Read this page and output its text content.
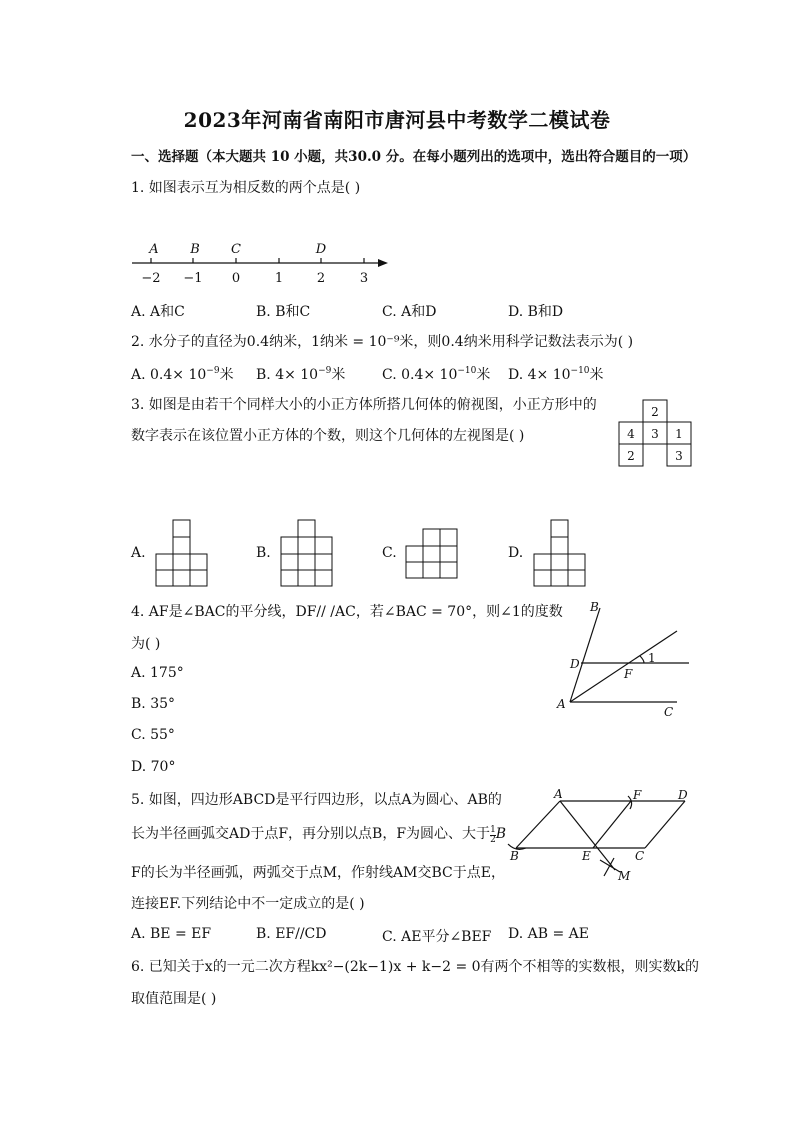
2023年河南省南阳市唐河县中考数学二模试卷
一、选择题（本大题共 10 小题，共30.0 分。在每小题列出的选项中，选出符合题目的一项）
1. 如图表示互为相反数的两个点是( )
A B C	D
−2 −1 0	1	2	3
A. A和C	B. B和C	C. A和D	D. B和D
2. 水分子的直径为0.4纳米，1纳米 = 10⁻⁹米，则0.4纳米用科学记数法表示为( )
A. $0.4\times 10^{-9}$米 B. $4\times 10^{-9}$米	C. $0.4\times 10^{-10}$米 D. $4\times 10^{-10}$米
3. 如图是由若干个同样大小的小正方体所搭几何体的俯视图，小正方形中的
数字表示在该位置小正方体的个数，则这个几何体的左视图是( )
2
4 3 1
2	3
A.	B.	C.	D.
4. AF是∠BAC的平分线，DF// /AC，若∠BAC = 70°，则∠1的度数
为( )
A. 175°
B. 35°
C. 55°
D. 70°
B
D	1
F
A
C
5. 如图，四边形ABCD是平行四边形，以点A为圆心、AB的
长为半径画弧交AD于点F，再分别以点B，F为圆心、大于 $\frac{1}{2}$ B
F的长为半径画弧，两弧交于点M，作射线AM交BC于点E，
连接EF.下列结论中不一定成立的是( )
A. BE = EF	B. EF//CD	C. AE平分∠BEF D. AB = AE
A	F	D
B	E	C
M
6. 已知关于x的一元二次方程kx²−(2k−1)x + k−2 = 0有两个不相等的实数根，则实数k的
取值范围是( )
